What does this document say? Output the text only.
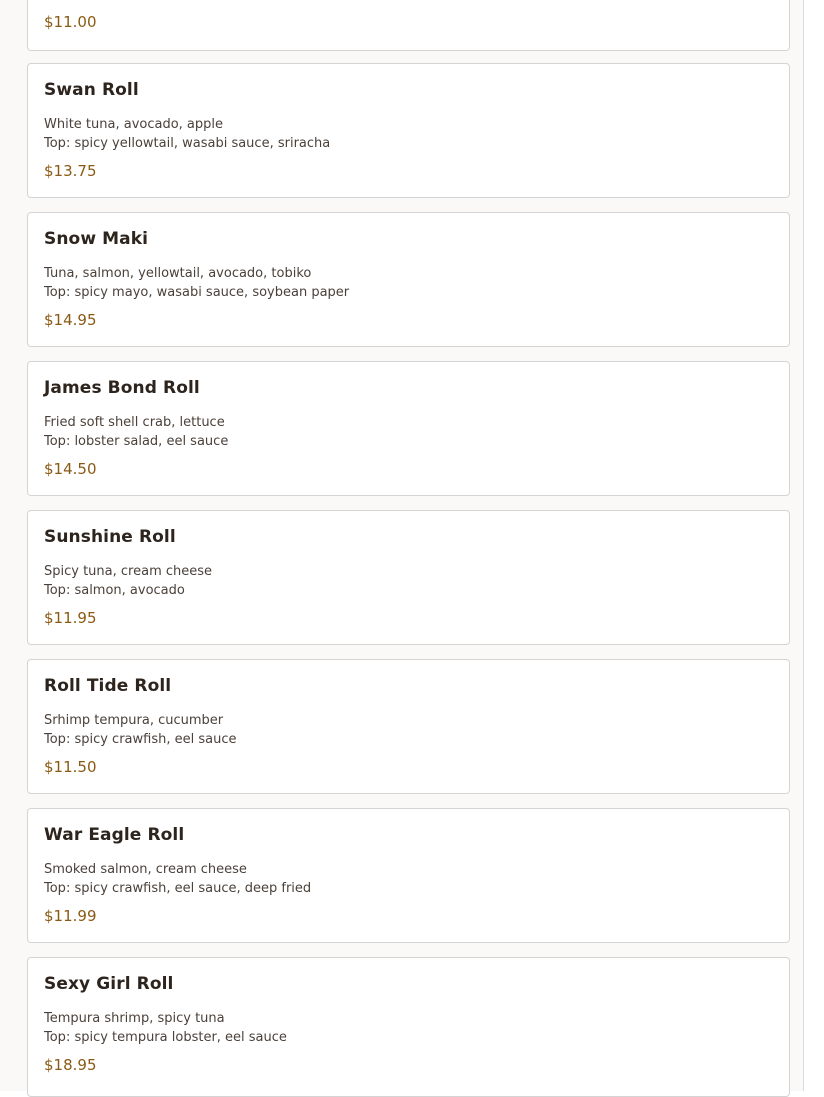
$11.00
Swan Roll
White tuna, avocado, apple
Top: spicy yellowtail, wasabi sauce, sriracha
$13.75
Snow Maki
Tuna, salmon, yellowtail, avocado, tobiko
Top: spicy mayo, wasabi sauce, soybean paper
$14.95
James Bond Roll
Fried soft shell crab, lettuce
Top: lobster salad, eel sauce
$14.50
Sunshine Roll
Spicy tuna, cream cheese
Top: salmon, avocado
$11.95
Roll Tide Roll
Srhimp tempura, cucumber
Top: spicy crawfish, eel sauce
$11.50
War Eagle Roll
Smoked salmon, cream cheese
Top: spicy crawfish, eel sauce, deep fried
$11.99
Sexy Girl Roll
Tempura shrimp, spicy tuna
Top: spicy tempura lobster, eel sauce
$18.95
